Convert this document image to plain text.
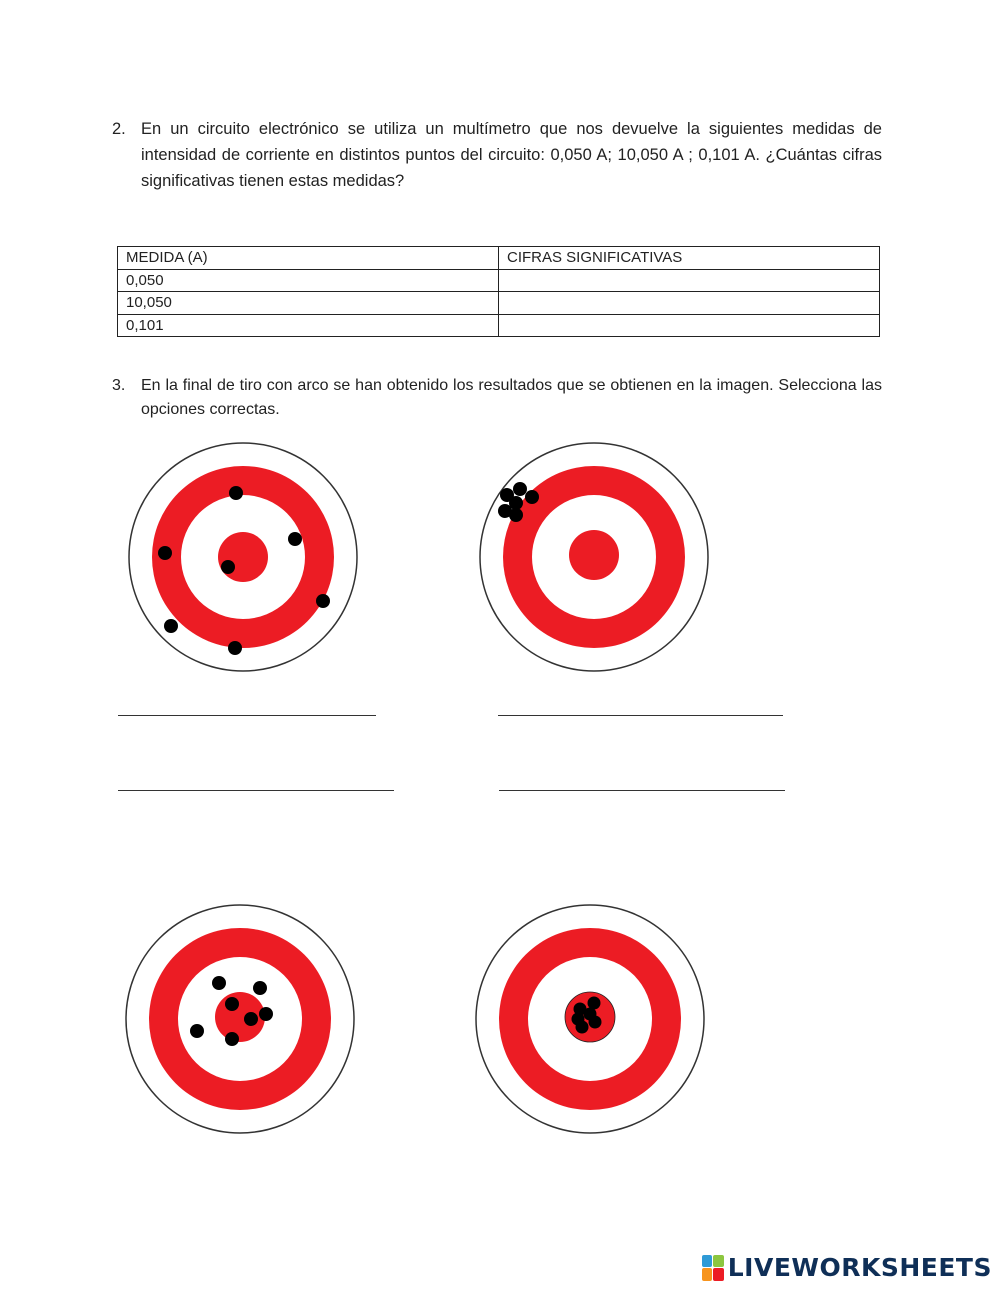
2. En un circuito electrónico se utiliza un multímetro que nos devuelve la siguientes medidas de intensidad de corriente en distintos puntos del circuito: 0,050 A; 10,050 A ; 0,101 A. ¿Cuántas cifras significativas tienen estas medidas?
MEDIDA (A)	CIFRAS SIGNIFICATIVAS
0,050	
10,050	
0,101	
3. En la final de tiro con arco se han obtenido los resultados que se obtienen en la imagen. Selecciona las opciones correctas.
LIVEWORKSHEETS
